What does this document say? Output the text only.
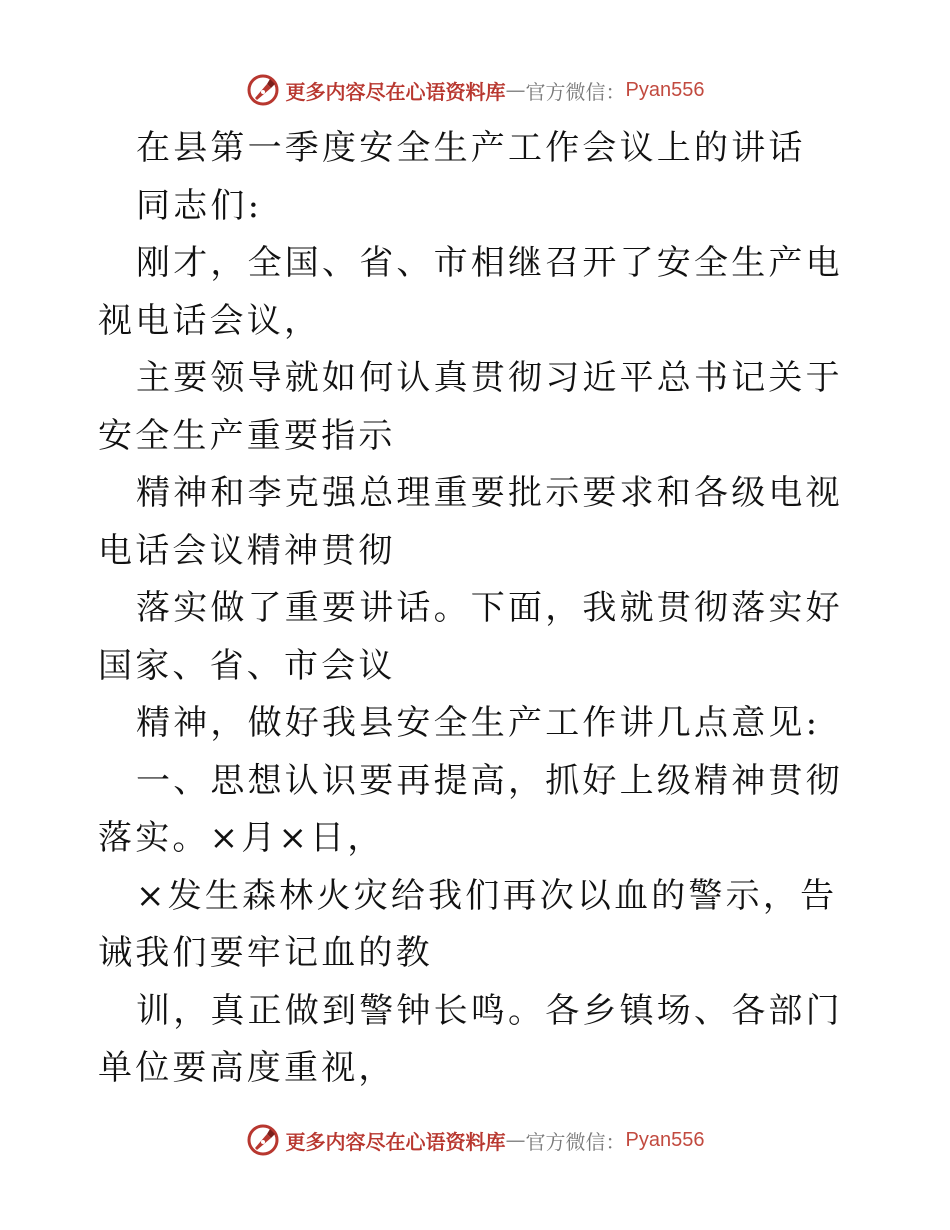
更多内容尽在心语资料库 — 官方微信： Pyan556

在县第一季度安全生产工作会议上的讲话

同志们:

刚才，全国、省、市相继召开了安全生产电视电话会议，

主要领导就如何认真贯彻习近平总书记关于安全生产重要指示

精神和李克强总理重要批示要求和各级电视电话会议精神贯彻

落实做了重要讲话。下面，我就贯彻落实好国家、省、市会议

精神，做好我县安全生产工作讲几点意见:

一、思想认识要再提高，抓好上级精神贯彻落实。×月×日，

×发生森林火灾给我们再次以血的警示，告诫我们要牢记血的教

训，真正做到警钟长鸣。各乡镇场、各部门单位要高度重视，

更多内容尽在心语资料库 — 官方微信： Pyan556
